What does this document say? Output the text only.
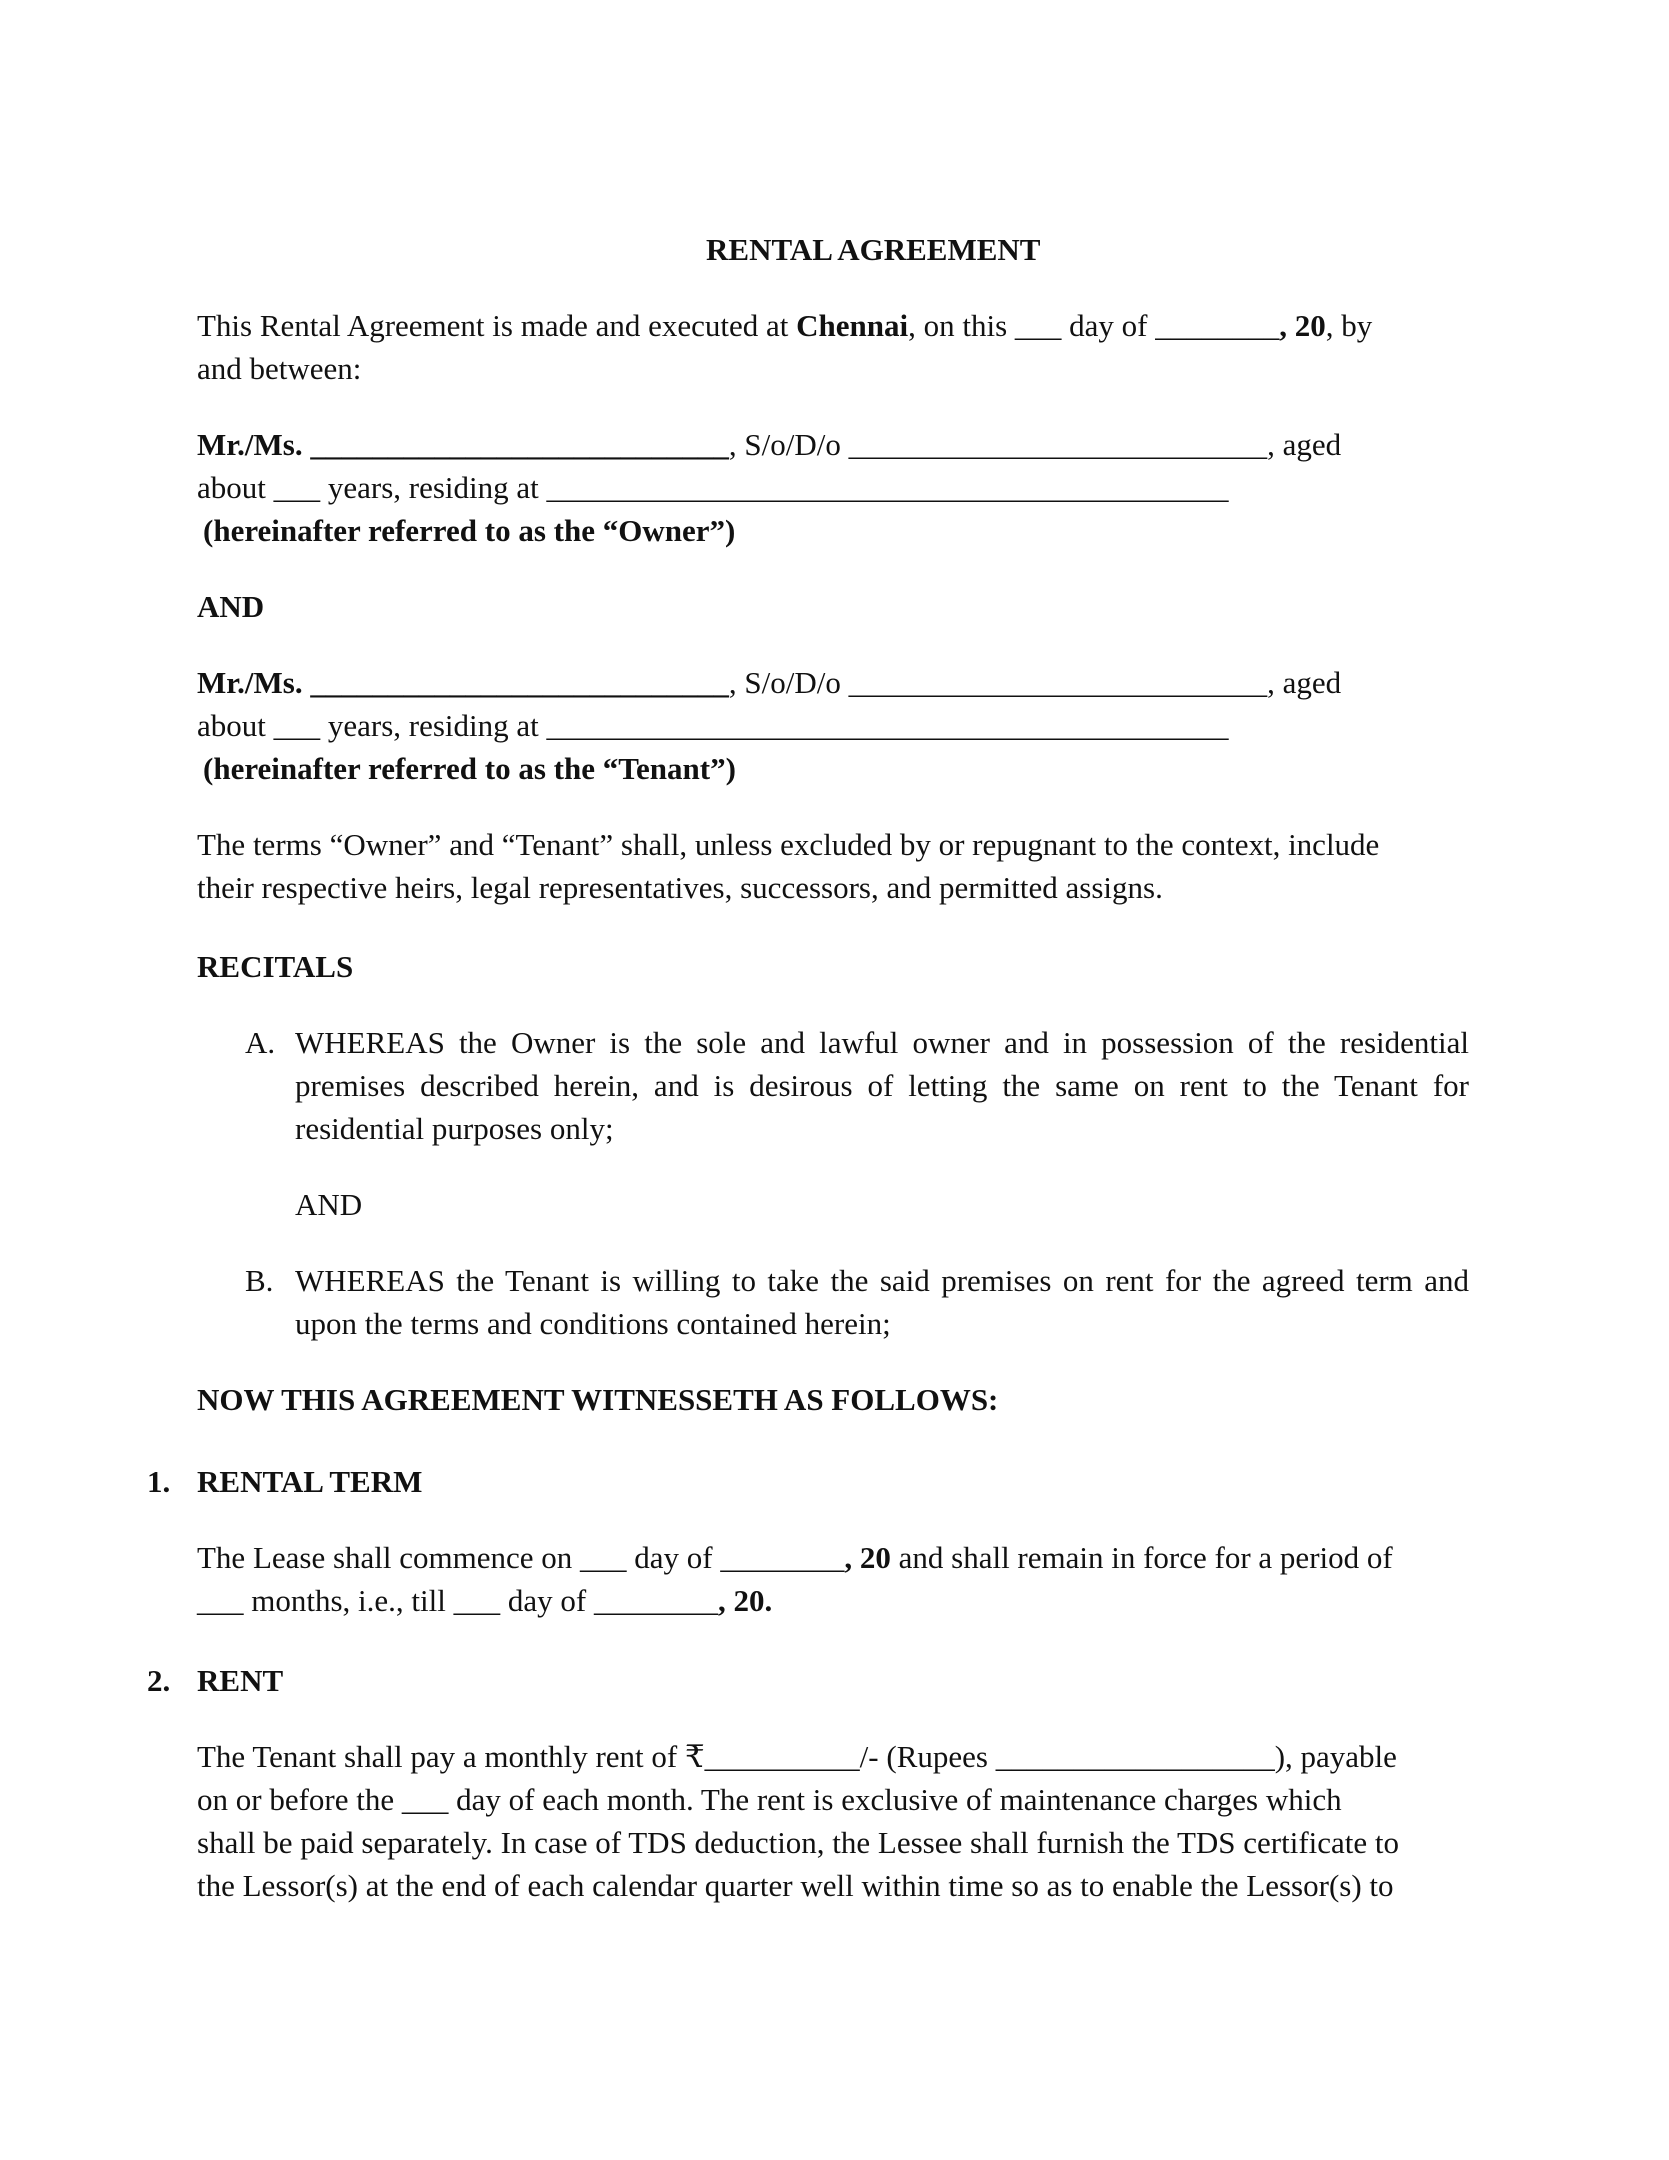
RENTAL AGREEMENT
This Rental Agreement is made and executed at Chennai, on this ___ day of ________, 20, by
and between:
Mr./Ms. ___________________________, S/o/D/o ___________________________, aged
about ___ years, residing at ____________________________________________
(hereinafter referred to as the “Owner”)
AND
Mr./Ms. ___________________________, S/o/D/o ___________________________, aged
about ___ years, residing at ____________________________________________
(hereinafter referred to as the “Tenant”)
The terms “Owner” and “Tenant” shall, unless excluded by or repugnant to the context, include
their respective heirs, legal representatives, successors, and permitted assigns.
RECITALS
A. WHEREAS the Owner is the sole and lawful owner and in possession of the residential
premises described herein, and is desirous of letting the same on rent to the Tenant for
residential purposes only;
AND
B. WHEREAS the Tenant is willing to take the said premises on rent for the agreed term and
upon the terms and conditions contained herein;
NOW THIS AGREEMENT WITNESSETH AS FOLLOWS:
1. RENTAL TERM
The Lease shall commence on ___ day of ________, 20 and shall remain in force for a period of
___ months, i.e., till ___ day of ________, 20.
2. RENT
The Tenant shall pay a monthly rent of ₹__________/- (Rupees __________________), payable
on or before the ___ day of each month. The rent is exclusive of maintenance charges which
shall be paid separately. In case of TDS deduction, the Lessee shall furnish the TDS certificate to
the Lessor(s) at the end of each calendar quarter well within time so as to enable the Lessor(s) to
